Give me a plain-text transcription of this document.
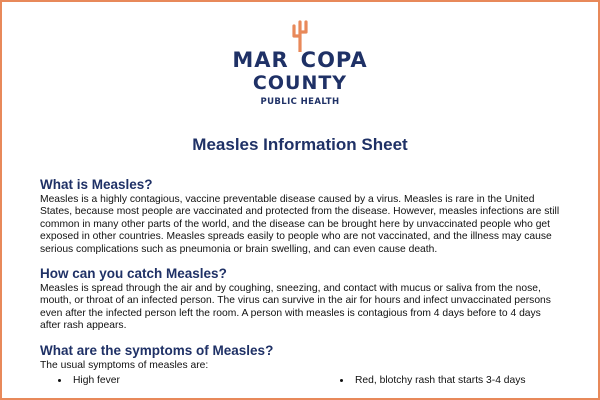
MAR COPA
COUNTY
PUBLIC HEALTH
Measles Information Sheet
What is Measles?

Measles is a highly contagious, vaccine preventable disease caused by a virus. Measles is rare in the United States, because most people are vaccinated and protected from the disease. However, measles infections are still common in many other parts of the world, and the disease can be brought here by unvaccinated people who get exposed in other countries. Measles spreads easily to people who are not vaccinated, and the illness may cause serious complications such as pneumonia or brain swelling, and can even cause death.

How can you catch Measles?

Measles is spread through the air and by coughing, sneezing, and contact with mucus or saliva from the nose, mouth, or throat of an infected person. The virus can survive in the air for hours and infect unvaccinated persons even after the infected person left the room. A person with measles is contagious from 4 days before to 4 days after rash appears.

What are the symptoms of Measles?

The usual symptoms of measles are:

High fever	Red, blotchy rash that starts 3-4 days
